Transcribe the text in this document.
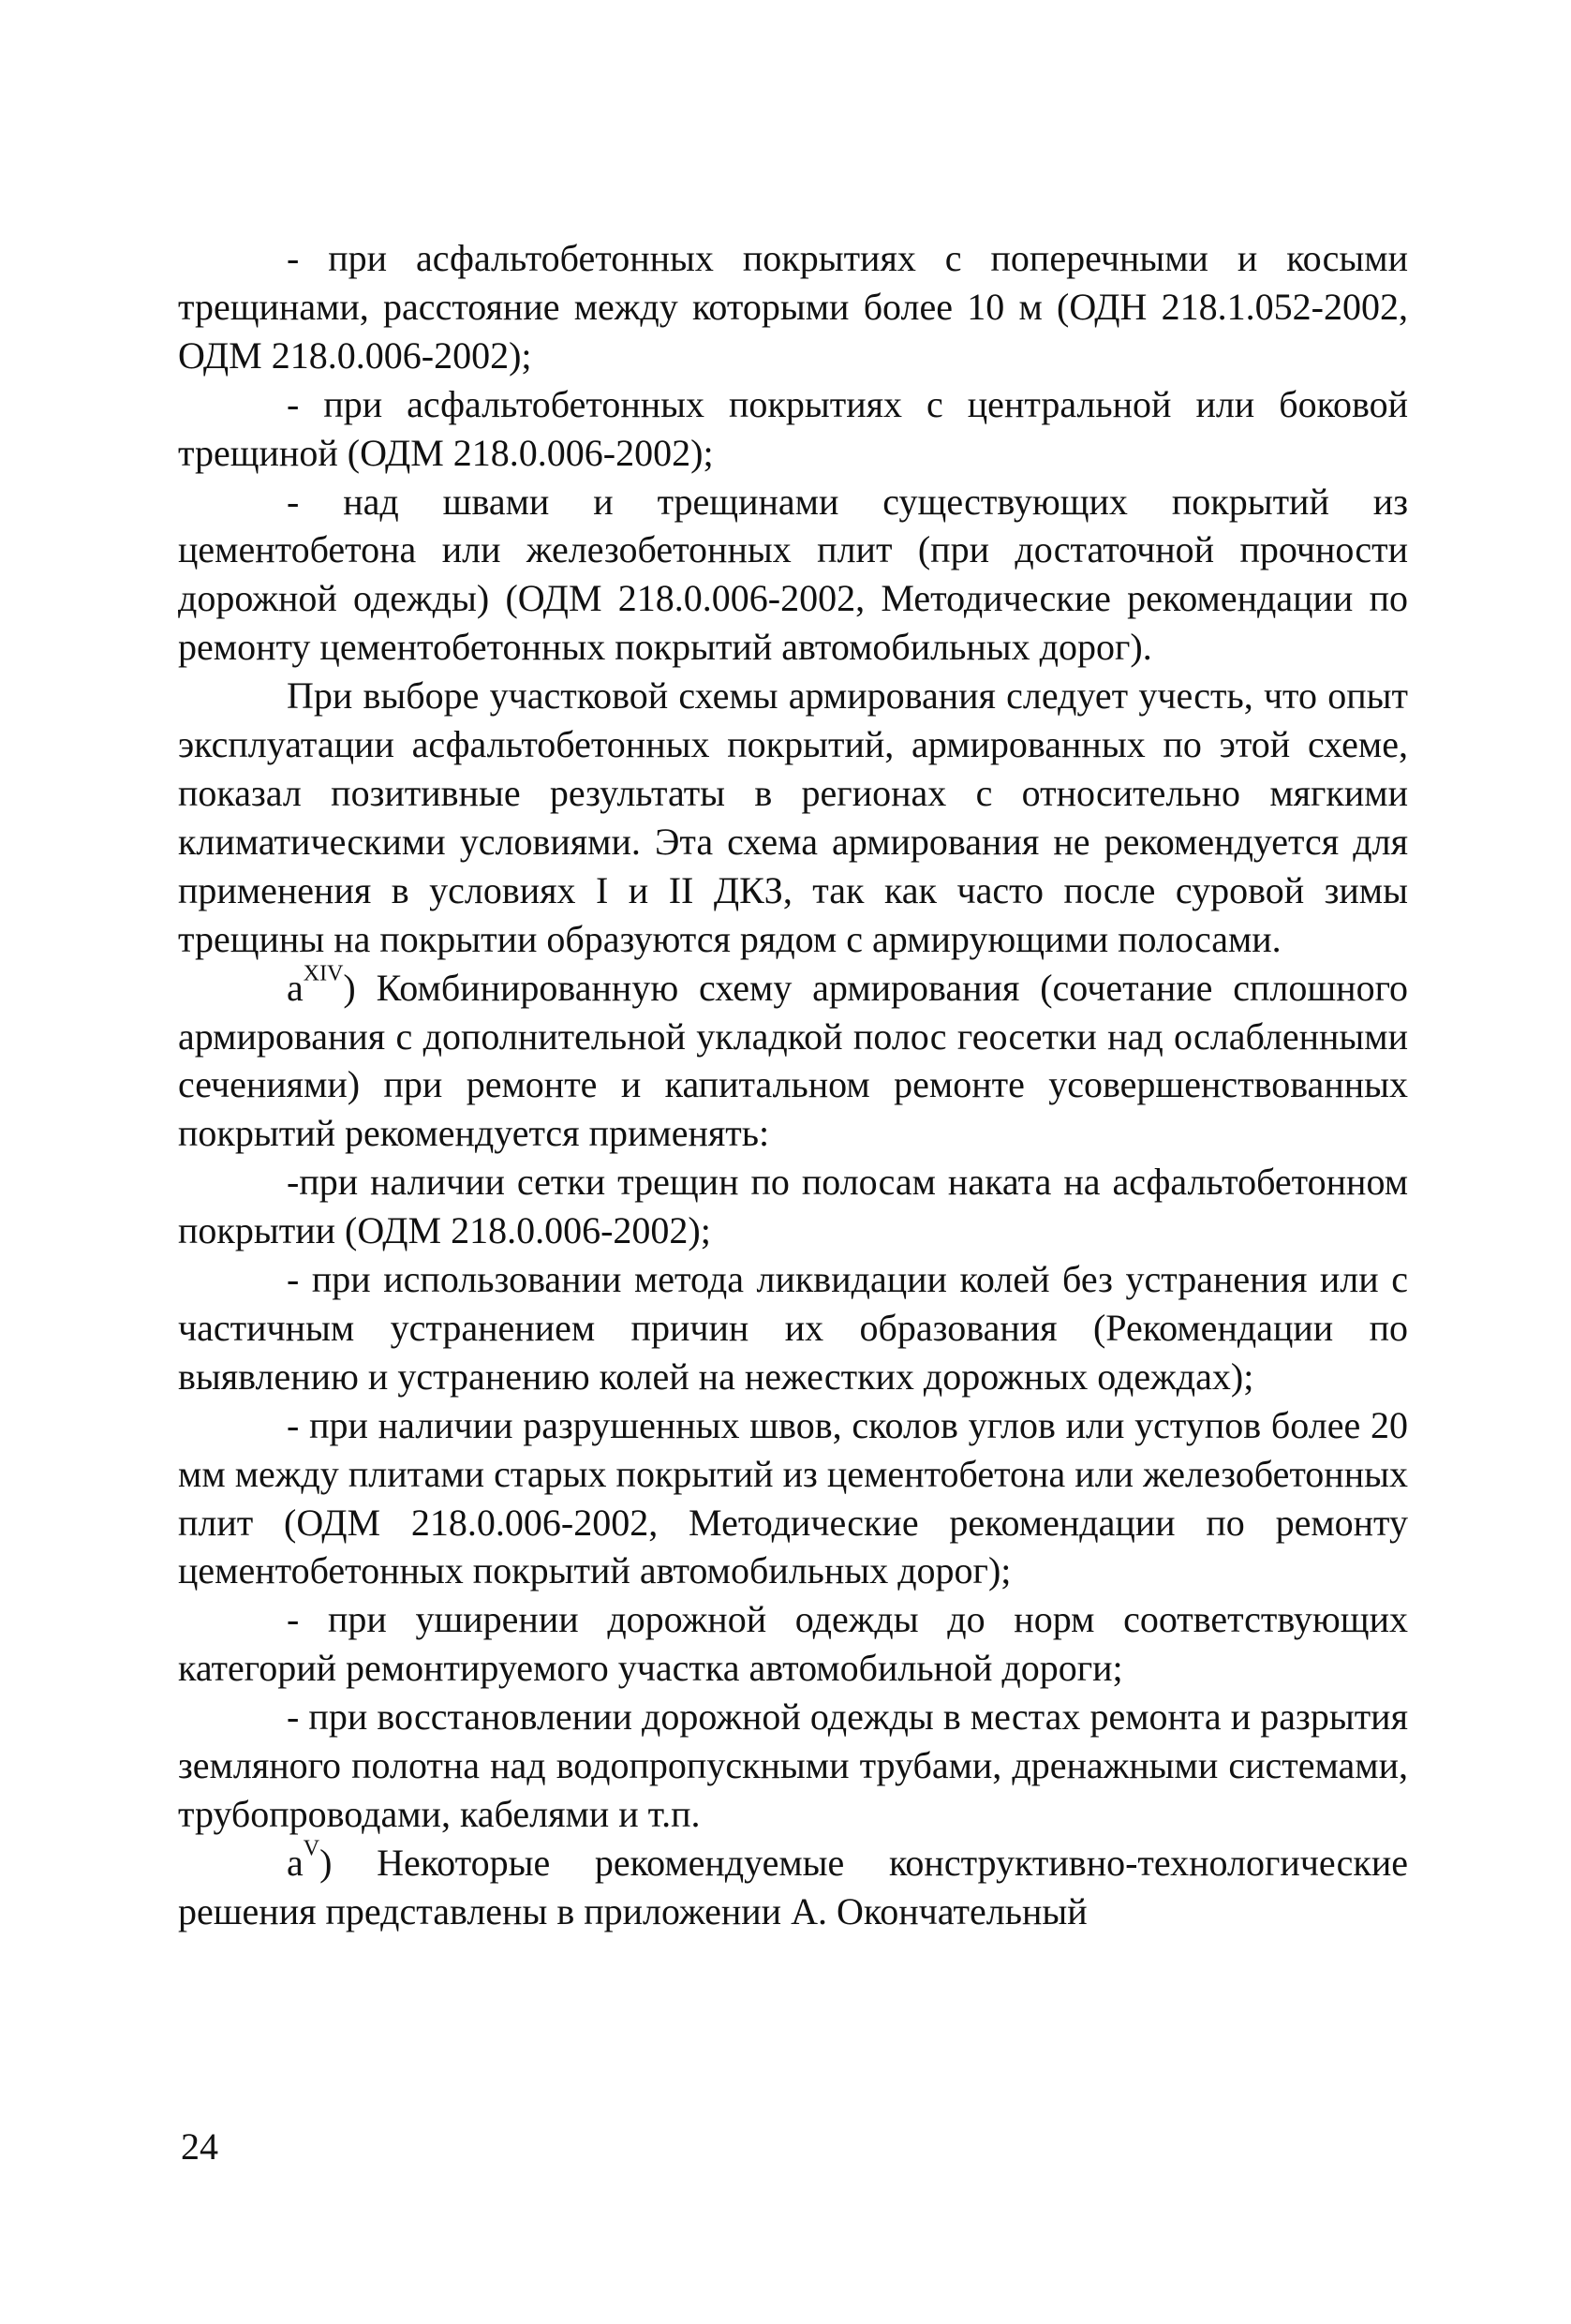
- при асфальтобетонных покрытиях с поперечными и косыми трещинами, расстояние между которыми более 10 м (ОДН 218.1.052-2002, ОДМ 218.0.006-2002);

- при асфальтобетонных покрытиях с центральной или боковой трещиной (ОДМ 218.0.006-2002);

- над швами и трещинами существующих покрытий из цементобетона или железобетонных плит (при достаточной прочности дорожной одежды) (ОДМ 218.0.006-2002, Методические рекомендации по ремонту цементобетонных покрытий автомобильных дорог).

При выборе участковой схемы армирования следует учесть, что опыт эксплуатации асфальтобетонных покрытий, армированных по этой схеме, показал позитивные результаты в регионах с относительно мягкими климатическими условиями. Эта схема армирования не рекомендуется для применения в условиях I и II ДКЗ, так как часто после суровой зимы трещины на покрытии образуются рядом с армирующими полосами.

$a^{XIV}$) Комбинированную схему армирования (сочетание сплошного армирования с дополнительной укладкой полос геосетки над ослабленными сечениями) при ремонте и капитальном ремонте усовершенствованных покрытий рекомендуется применять:

-при наличии сетки трещин по полосам наката на асфальтобетонном покрытии (ОДМ 218.0.006-2002);

- при использовании метода ликвидации колей без устранения или с частичным устранением причин их образования (Рекомендации по выявлению и устранению колей на нежестких дорожных одеждах);

- при наличии разрушенных швов, сколов углов или уступов более 20 мм между плитами старых покрытий из цементобетона или железобетонных плит (ОДМ 218.0.006-2002, Методические рекомендации по ремонту цементобетонных покрытий автомобильных дорог);

- при уширении дорожной одежды до норм соответствующих категорий ремонтируемого участка автомобильной дороги;

- при восстановлении дорожной одежды в местах ремонта и разрытия земляного полотна над водопропускными трубами, дренажными системами, трубопроводами, кабелями и т.п.

$a^V$) Некоторые рекомендуемые конструктивно-технологические решения представлены в приложении А. Окончательный

24
